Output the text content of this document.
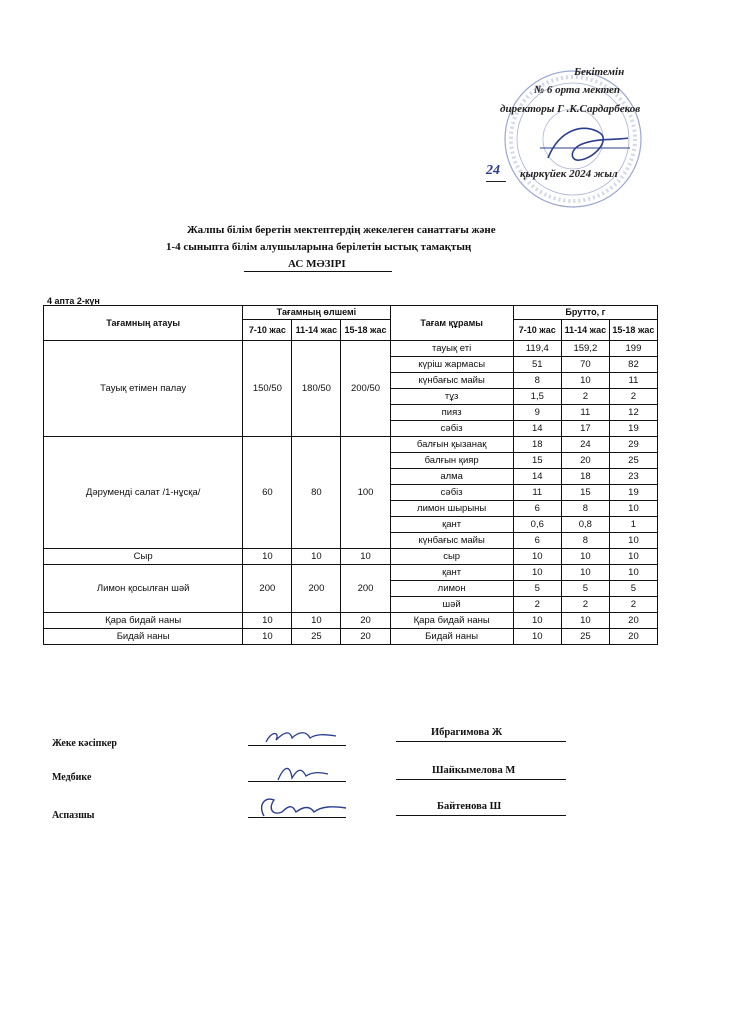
Бекітемін
№ 6 орта мектеп
директоры Г .К.Сардарбеков
24 қыркүйек 2024 жыл
Жалпы білім беретін мектептердің жекелеген санаттағы және
1-4 сыныпта білім алушыларына берілетін ыстық тамақтың
АС МӘЗІРІ
4 апта 2-күн
Тағамның атауы	Тағамның өлшемі			Тағам құрамы	Брутто, г		
	7-10 жас	11-14 жас	15-18 жас		7-10 жас	11-14 жас	15-18 жас
Тауық етімен палау	150/50	180/50	200/50	тауық еті	119,4	159,2	199
				күріш жармасы	51	70	82
				күнбағыс майы	8	10	11
				тұз	1,5	2	2
				пияз	9	11	12
				сәбіз	14	17	19
Дәруменді салат /1-нұсқа/	60	80	100	балғын қызанақ	18	24	29
				балғын қияр	15	20	25
				алма	14	18	23
				сәбіз	11	15	19
				лимон шырыны	6	8	10
				қант	0,6	0,8	1
				күнбағыс майы	6	8	10
Сыр	10	10	10	сыр	10	10	10
Лимон қосылған шәй	200	200	200	қант	10	10	10
				лимон	5	5	5
				шәй	2	2	2
Қара бидай наны	10	10	20	Қара бидай наны	10	10	20
Бидай наны	10	25	20	Бидай наны	10	25	20
Жеке кәсіпкер
Ибрагимова Ж
Медбике
Шайкымелова М
Аспазшы
Байтенова Ш
